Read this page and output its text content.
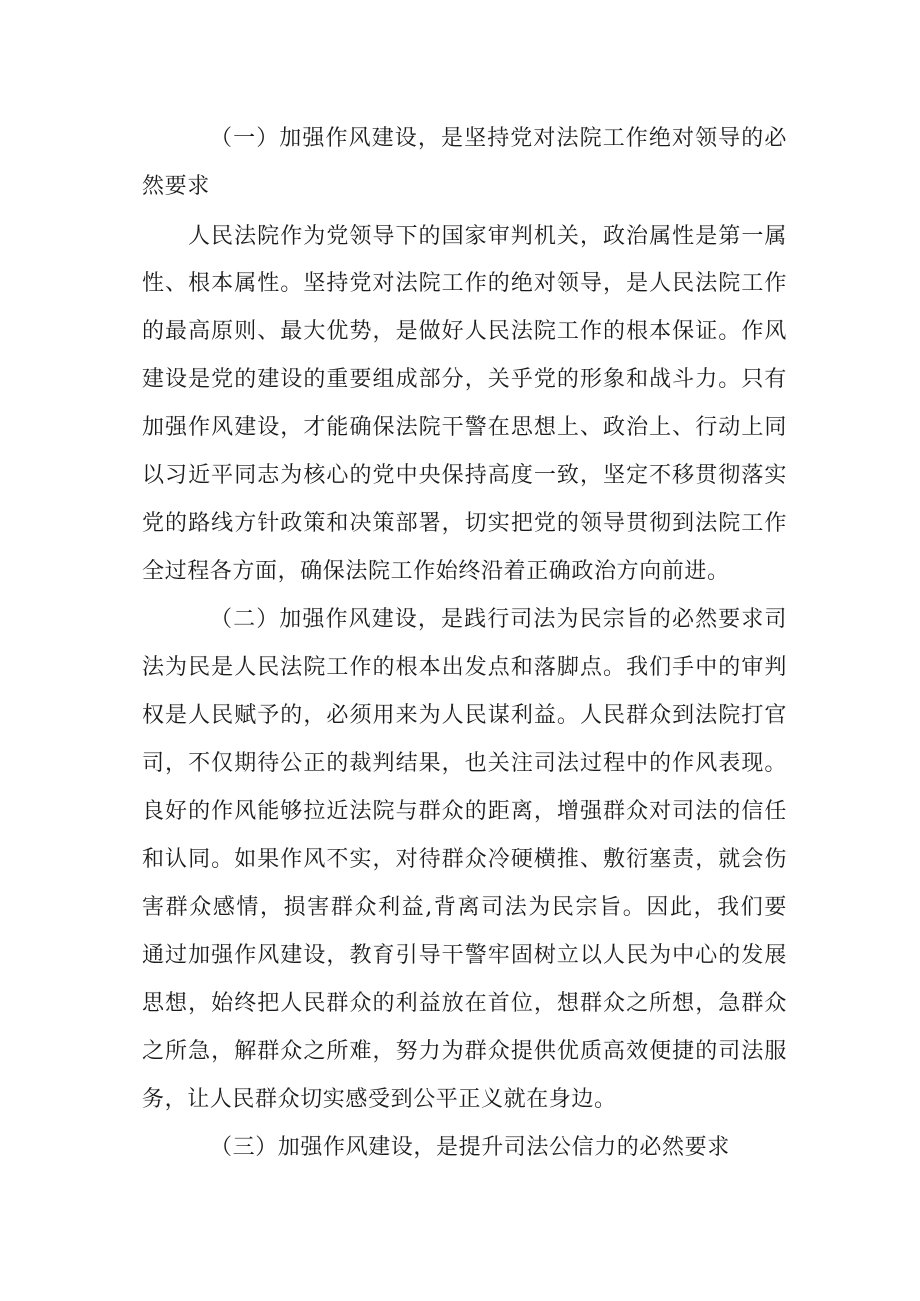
（一）加强作风建设，是坚持党对法院工作绝对领导的必
然要求
人民法院作为党领导下的国家审判机关，政治属性是第一属
性、根本属性。坚持党对法院工作的绝对领导，是人民法院工作
的最高原则、最大优势，是做好人民法院工作的根本保证。作风
建设是党的建设的重要组成部分，关乎党的形象和战斗力。只有
加强作风建设，才能确保法院干警在思想上、政治上、行动上同
以习近平同志为核心的党中央保持高度一致，坚定不移贯彻落实
党的路线方针政策和决策部署，切实把党的领导贯彻到法院工作
全过程各方面，确保法院工作始终沿着正确政治方向前进。
（二）加强作风建设，是践行司法为民宗旨的必然要求司
法为民是人民法院工作的根本出发点和落脚点。我们手中的审判
权是人民赋予的，必须用来为人民谋利益。人民群众到法院打官
司，不仅期待公正的裁判结果，也关注司法过程中的作风表现。
良好的作风能够拉近法院与群众的距离，增强群众对司法的信任
和认同。如果作风不实，对待群众冷硬横推、敷衍塞责，就会伤
害群众感情，损害群众利益,背离司法为民宗旨。因此，我们要
通过加强作风建设，教育引导干警牢固树立以人民为中心的发展
思想，始终把人民群众的利益放在首位，想群众之所想，急群众
之所急，解群众之所难，努力为群众提供优质高效便捷的司法服
务，让人民群众切实感受到公平正义就在身边。
（三）加强作风建设，是提升司法公信力的必然要求
